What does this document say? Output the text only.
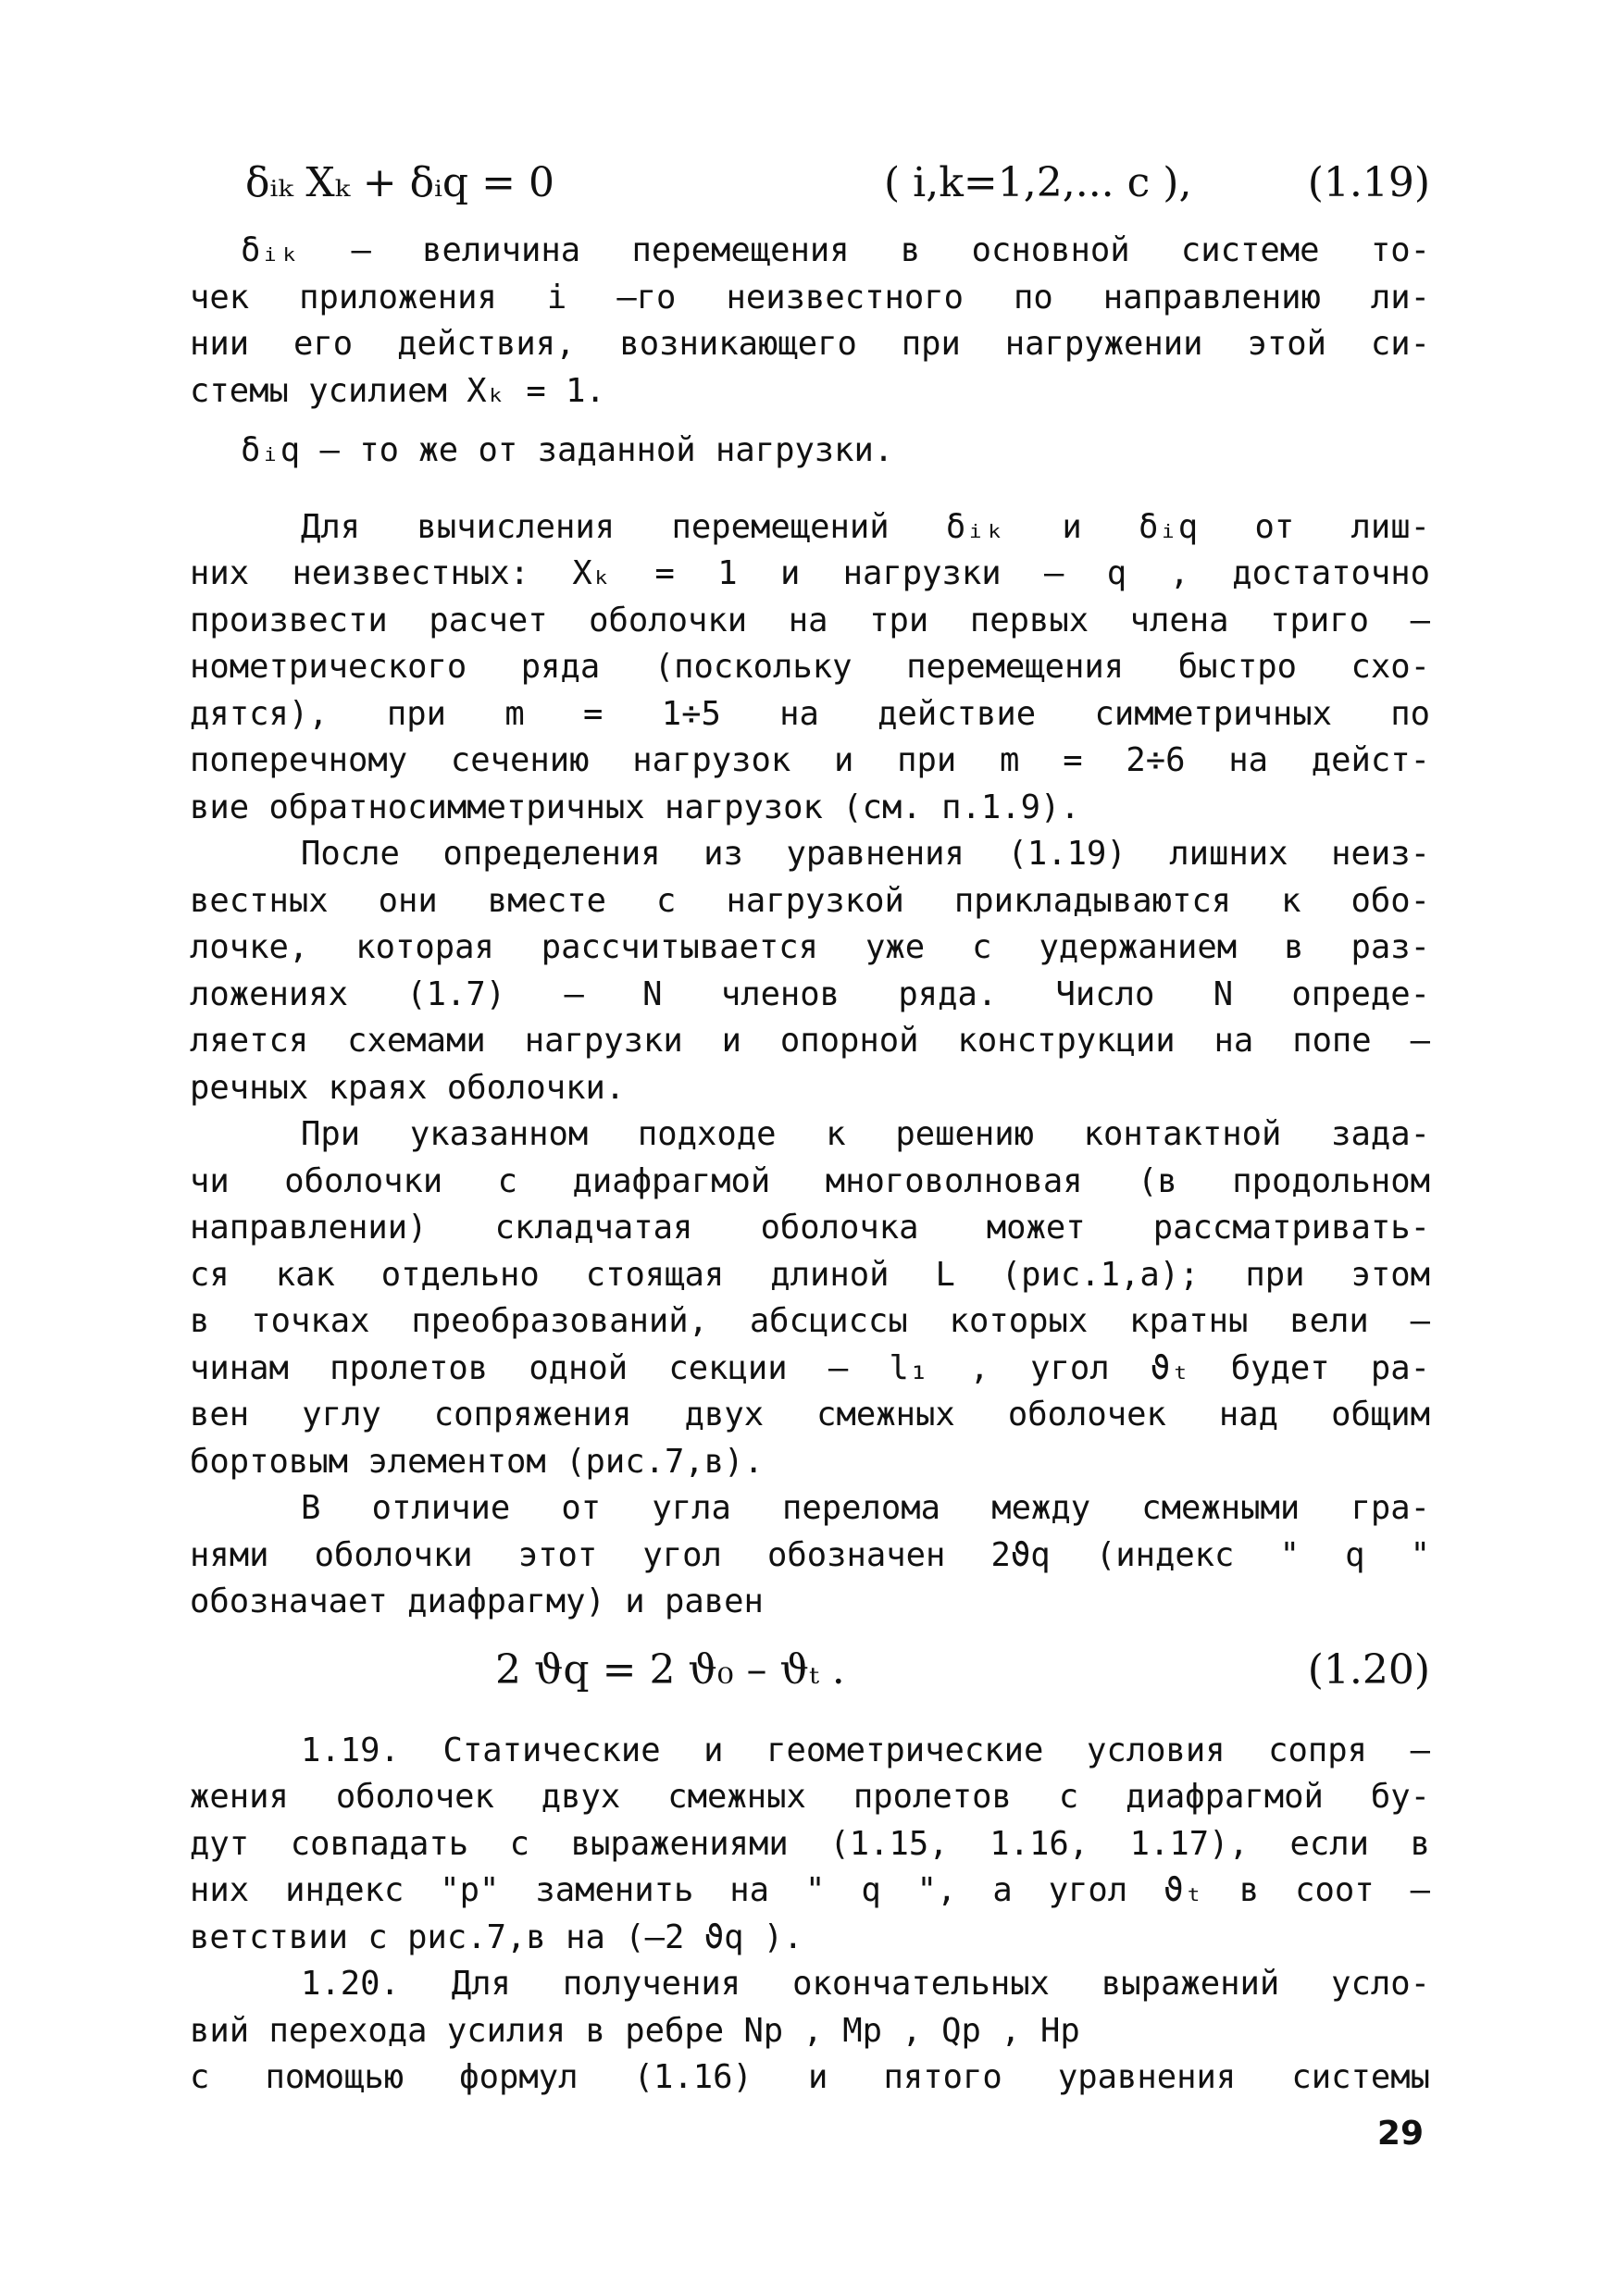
δᵢₖ Xₖ + δᵢq = 0	( i,k=1,2,... c ),	(1.19)
δᵢₖ – величина перемещения в основной системе то-
чек приложения i –го неизвестного по направлению ли-
нии его действия, возникающего при нагружении этой си-
стемы усилием Xₖ = 1.
δᵢq – то же от заданной нагрузки.
Для вычисления перемещений δᵢₖ и δᵢq от лиш-
них неизвестных: Xₖ = 1 и нагрузки – q , достаточно
произвести расчет оболочки на три первых члена триго –
нометрического ряда (поскольку перемещения быстро схо-
дятся), при m = 1÷5 на действие симметричных по
поперечному сечению нагрузок и при m = 2÷6 на дейст-
вие обратносимметричных нагрузок (см. п.1.9).
После определения из уравнения (1.19) лишних неиз-
вестных они вместе с нагрузкой прикладываются к обо-
лочке, которая рассчитывается уже с удержанием в раз-
ложениях (1.7) – N членов ряда. Число N опреде-
ляется схемами нагрузки и опорной конструкции на попе –
речных краях оболочки.
При указанном подходе к решению контактной зада-
чи оболочки с диафрагмой многоволновая (в продольном
направлении) складчатая оболочка может рассматривать-
ся как отдельно стоящая длиной L (рис.1,а); при этом
в точках преобразований, абсциссы которых кратны вели –
чинам пролетов одной секции – l₁ , угол ϑₜ будет ра-
вен углу сопряжения двух смежных оболочек над общим
бортовым элементом (рис.7,в).
В отличие от угла перелома между смежными гра-
нями оболочки этот угол обозначен 2ϑq (индекс " q "
обозначает диафрагму) и равен
2 ϑq = 2 ϑ₀ – ϑₜ .	(1.20)
1.19. Статические и геометрические условия сопря –
жения оболочек двух смежных пролетов с диафрагмой бу-
дут совпадать с выражениями (1.15, 1.16, 1.17), если в
них индекс "р" заменить на " q ", а угол ϑₜ в соот –
ветствии с рис.7,в на (–2 ϑq ).
1.20. Для получения окончательных выражений усло-
вий перехода усилия в ребре Nр , Mр , Qр , Hр
с помощью формул (1.16) и пятого уравнения системы
29
